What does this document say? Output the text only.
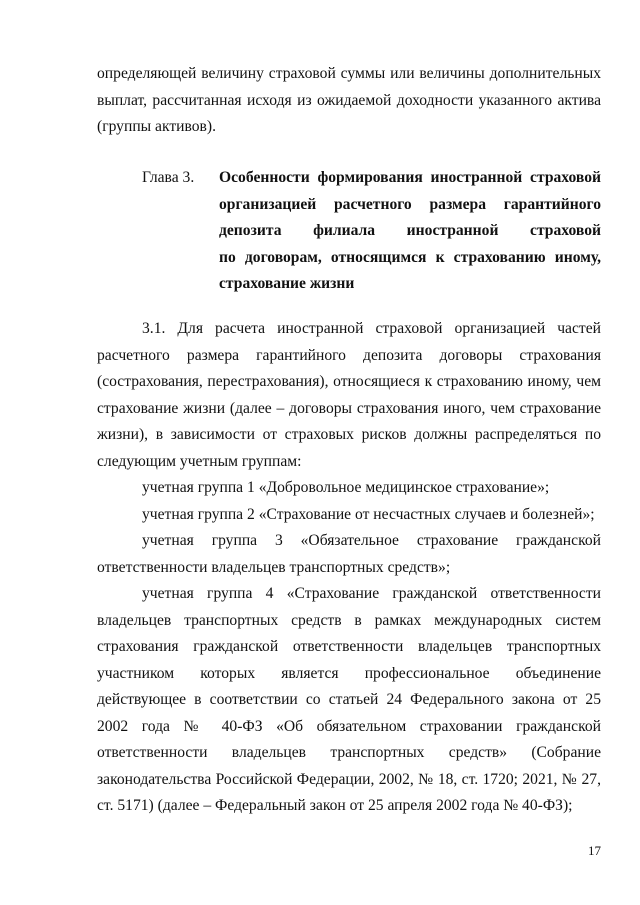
определяющей величину страховой суммы или величины дополнительных
выплат, рассчитанная исходя из ожидаемой доходности указанного актива
(группы активов).
Глава 3. Особенности формирования иностранной страховой
организацией расчетного размера гарантийного
депозита филиала иностранной страховой
по договорам, относящимся к страхованию иному,
страхование жизни
3.1. Для расчета иностранной страховой организацией частей
расчетного размера гарантийного депозита договоры страхования
(сострахования, перестрахования), относящиеся к страхованию иному, чем
страхование жизни (далее – договоры страхования иного, чем страхование
жизни), в зависимости от страховых рисков должны распределяться по
следующим учетным группам:
учетная группа 1 «Добровольное медицинское страхование»;
учетная группа 2 «Страхование от несчастных случаев и болезней»;
учетная группа 3 «Обязательное страхование гражданской
ответственности владельцев транспортных средств»;
учетная группа 4 «Страхование гражданской ответственности
владельцев транспортных средств в рамках международных систем
страхования гражданской ответственности владельцев транспортных
участником которых является профессиональное объединение
действующее в соответствии со статьей 24 Федерального закона от 25
2002 года № 40-ФЗ «Об обязательном страховании гражданской
ответственности владельцев транспортных средств» (Собрание
законодательства Российской Федерации, 2002, № 18, ст. 1720; 2021, № 27,
ст. 5171) (далее – Федеральный закон от 25 апреля 2002 года № 40-ФЗ);
17
